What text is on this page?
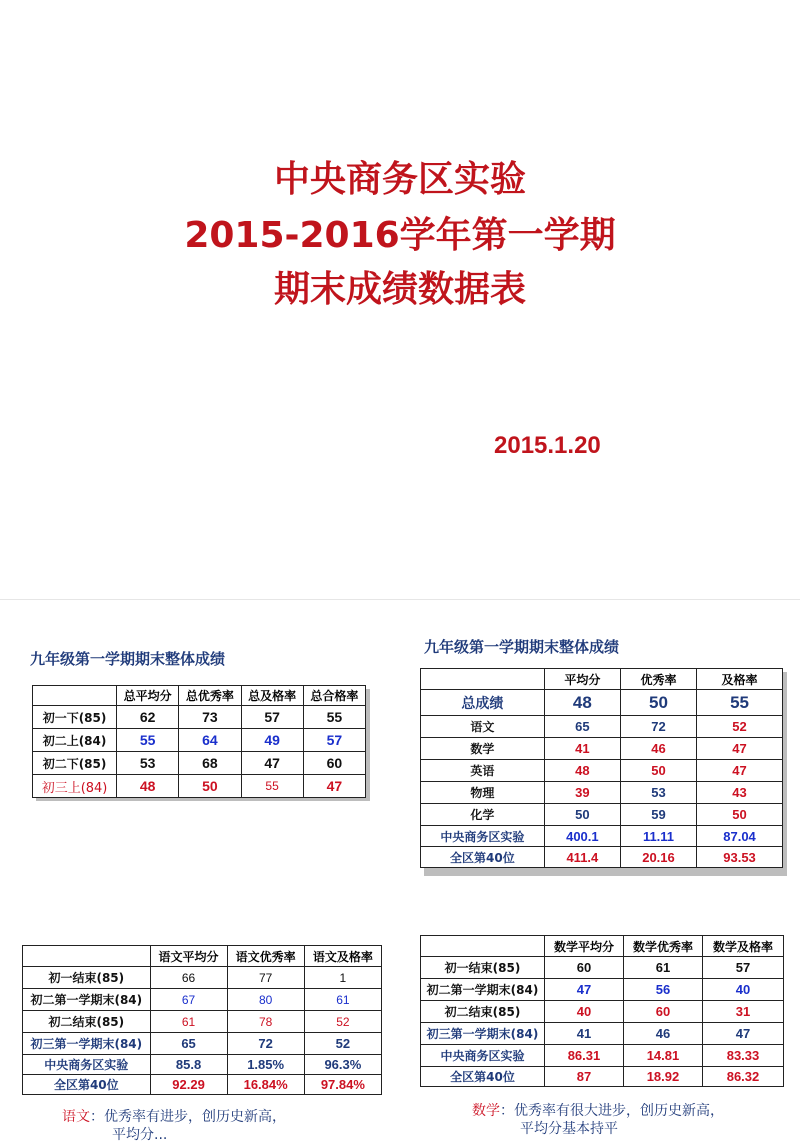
中央商务区实验
2015-2016学年第一学期
期末成绩数据表
2015.1.20
九年级第一学期期末整体成绩
	总平均分	总优秀率	总及格率	总合格率
初一下(85)	62	73	57	55
初二上(84)	55	64	49	57
初二下(85)	53	68	47	60
初三上(84)	48	50	55	47
九年级第一学期期末整体成绩
	平均分	优秀率	及格率
总成绩	48	50	55
语文	65	72	52
数学	41	46	47
英语	48	50	47
物理	39	53	43
化学	50	59	50
中央商务区实验	400.1	11.11	87.04
全区第40位	411.4	20.16	93.53
	语文平均分	语文优秀率	语文及格率
初一结束(85)	66	77	1
初二第一学期末(84)	67	80	61
初二结束(85)	61	78	52
初三第一学期末(84)	65	72	52
中央商务区实验	85.8	1.85%	96.3%
全区第40位	92.29	16.84%	97.84%
语文：优秀率有进步，创历史新高，
平均分...
	数学平均分	数学优秀率	数学及格率
初一结束(85)	60	61	57
初二第一学期末(84)	47	56	40
初二结束(85)	40	60	31
初三第一学期末(84)	41	46	47
中央商务区实验	86.31	14.81	83.33
全区第40位	87	18.92	86.32
数学：优秀率有很大进步，创历史新高，
平均分基本持平
